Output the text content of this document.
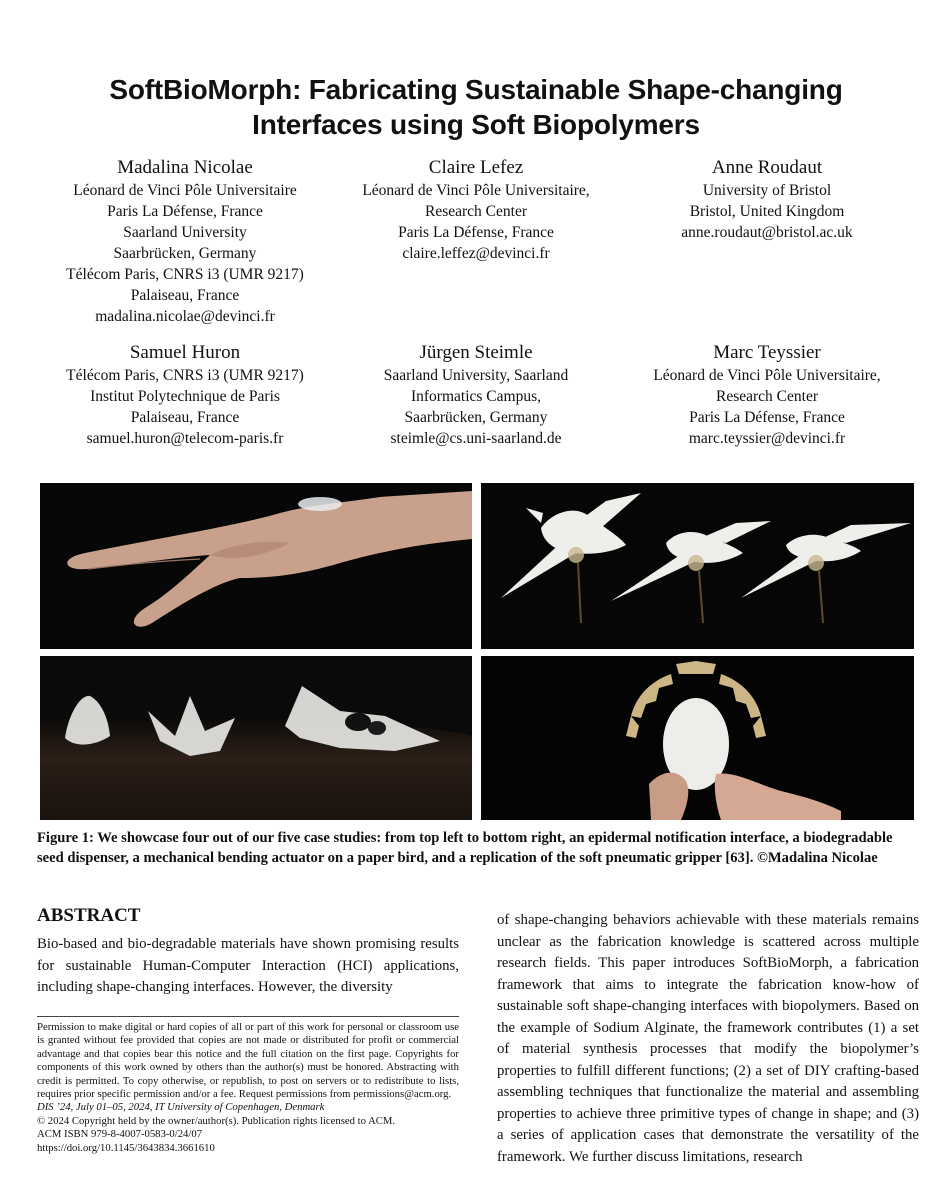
SoftBioMorph: Fabricating Sustainable Shape-changing
Interfaces using Soft Biopolymers
Madalina Nicolae
Léonard de Vinci Pôle Universitaire
Paris La Défense, France
Saarland University
Saarbrücken, Germany
Télécom Paris, CNRS i3 (UMR 9217)
Palaiseau, France
madalina.nicolae@devinci.fr
Claire Lefez
Léonard de Vinci Pôle Universitaire,
Research Center
Paris La Défense, France
claire.leffez@devinci.fr
Anne Roudaut
University of Bristol
Bristol, United Kingdom
anne.roudaut@bristol.ac.uk
Samuel Huron
Télécom Paris, CNRS i3 (UMR 9217)
Institut Polytechnique de Paris
Palaiseau, France
samuel.huron@telecom-paris.fr
Jürgen Steimle
Saarland University, Saarland
Informatics Campus,
Saarbrücken, Germany
steimle@cs.uni-saarland.de
Marc Teyssier
Léonard de Vinci Pôle Universitaire,
Research Center
Paris La Défense, France
marc.teyssier@devinci.fr
Figure 1: We showcase four out of our five case studies: from top left to bottom right, an epidermal notification interface, a biodegradable seed dispenser, a mechanical bending actuator on a paper bird, and a replication of the soft pneumatic gripper [63]. ©Madalina Nicolae
ABSTRACT

Bio-based and bio-degradable materials have shown promising results for sustainable Human-Computer Interaction (HCI) applications, including shape-changing interfaces. However, the diversity

of shape-changing behaviors achievable with these materials remains unclear as the fabrication knowledge is scattered across multiple research fields. This paper introduces SoftBioMorph, a fabrication framework that aims to integrate the fabrication know-how of sustainable soft shape-changing interfaces with biopolymers. Based on the example of Sodium Alginate, the framework contributes (1) a set of material synthesis processes that modify the biopolymer’s properties to fulfill different functions; (2) a set of DIY crafting-based assembling techniques that functionalize the material and assembling properties to achieve three primitive types of change in shape; and (3) a series of application cases that demonstrate the versatility of the framework. We further discuss limitations, research

Permission to make digital or hard copies of all or part of this work for personal or classroom use is granted without fee provided that copies are not made or distributed for profit or commercial advantage and that copies bear this notice and the full citation on the first page. Copyrights for components of this work owned by others than the author(s) must be honored. Abstracting with credit is permitted. To copy otherwise, or republish, to post on servers or to redistribute to lists, requires prior specific permission and/or a fee. Request permissions from permissions@acm.org.

DIS ’24, July 01–05, 2024, IT University of Copenhagen, Denmark
© 2024 Copyright held by the owner/author(s). Publication rights licensed to ACM.
ACM ISBN 979-8-4007-0583-0/24/07
https://doi.org/10.1145/3643834.3661610
